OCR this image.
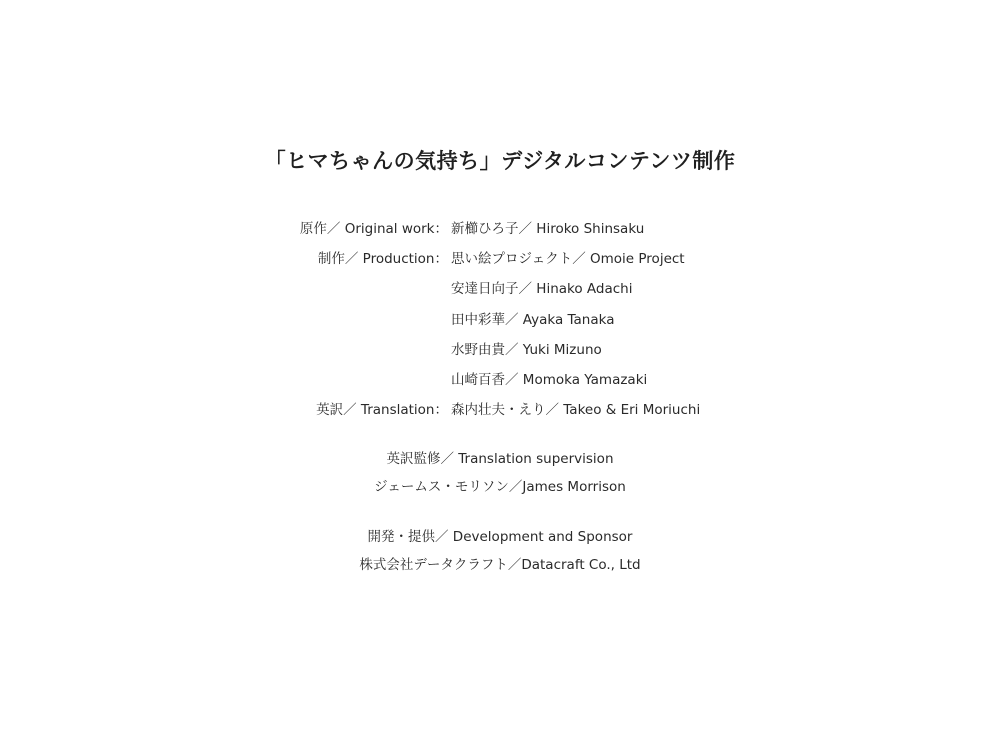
「ヒマちゃんの気持ち」デジタルコンテンツ制作
原作／ Original work： 新櫛ひろ子／ Hiroko Shinsaku
制作／ Production： 思い絵プロジェクト／ Omoie Project
安達日向子／ Hinako Adachi
田中彩華／ Ayaka Tanaka
水野由貴／ Yuki Mizuno
山崎百香／ Momoka Yamazaki
英訳／ Translation： 森内壮夫・えり／ Takeo & Eri Moriuchi
英訳監修／ Translation supervision
ジェームス・モリソン／James Morrison
開発・提供／ Development and Sponsor
株式会社データクラフト／Datacraft Co., Ltd
